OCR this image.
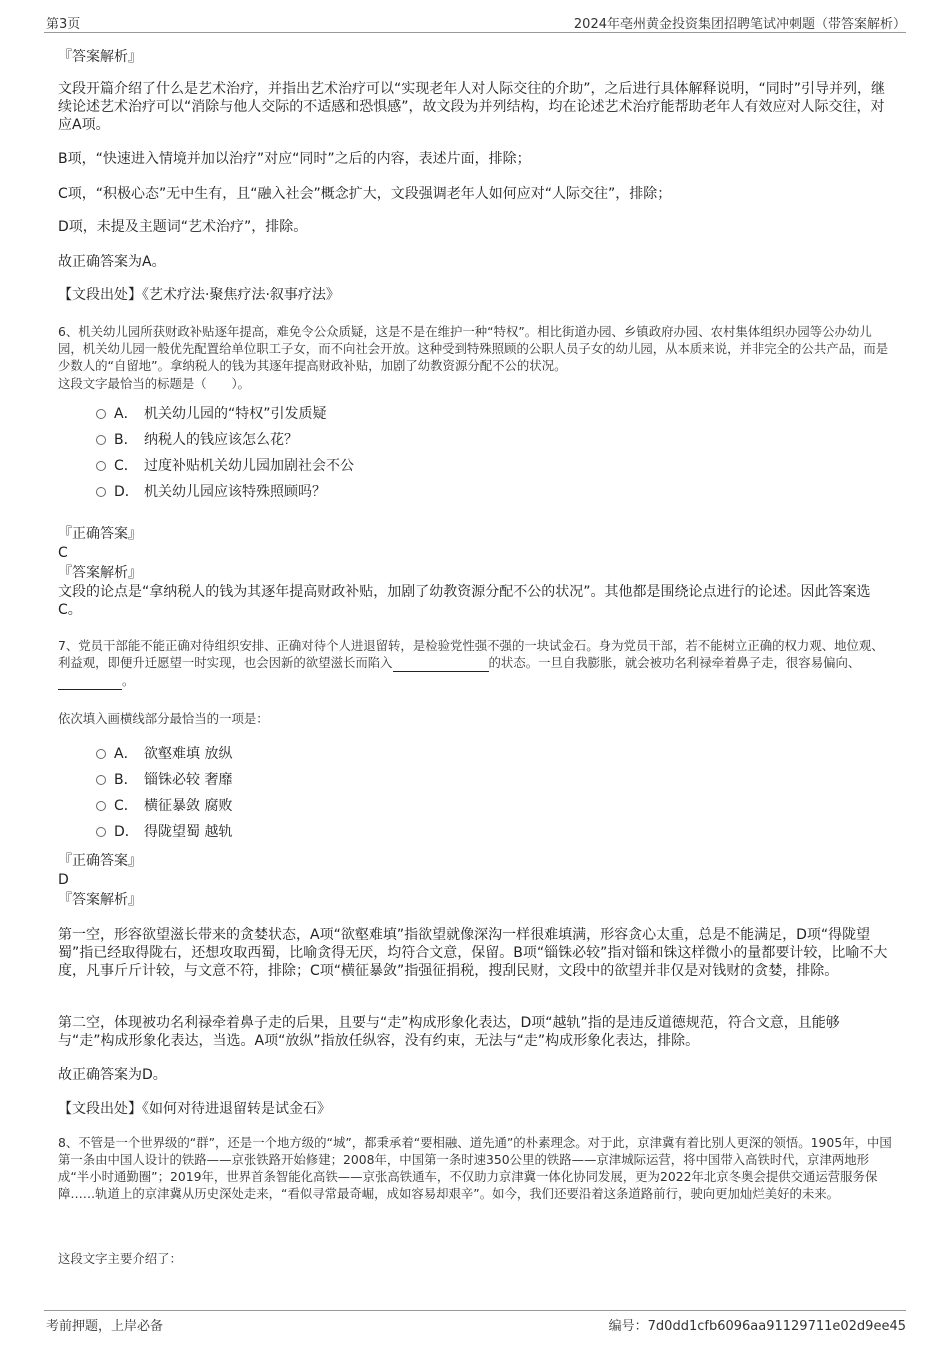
第3页	2024年亳州黄金投资集团招聘笔试冲刺题（带答案解析）
『答案解析』
文段开篇介绍了什么是艺术治疗，并指出艺术治疗可以“实现老年人对人际交往的介助”，之后进行具体解释说明，“同时”引导并列，继续论述艺术治疗可以“消除与他人交际的不适感和恐惧感”，故文段为并列结构，均在论述艺术治疗能帮助老年人有效应对人际交往，对应A项。
B项，“快速进入情境并加以治疗”对应“同时”之后的内容，表述片面，排除；
C项，“积极心态”无中生有，且“融入社会”概念扩大，文段强调老年人如何应对“人际交往”，排除；
D项，未提及主题词“艺术治疗”，排除。
故正确答案为A。
【文段出处】《艺术疗法·聚焦疗法·叙事疗法》
6、机关幼儿园所获财政补贴逐年提高，难免令公众质疑，这是不是在维护一种“特权”。相比街道办园、乡镇政府办园、农村集体组织办园等公办幼儿园，机关幼儿园一般优先配置给单位职工子女，而不向社会开放。这种受到特殊照顾的公职人员子女的幼儿园，从本质来说，并非完全的公共产品，而是少数人的“自留地”。拿纳税人的钱为其逐年提高财政补贴，加剧了幼教资源分配不公的状况。
这段文字最恰当的标题是（　　）。
A． 机关幼儿园的“特权”引发质疑
B． 纳税人的钱应该怎么花？
C． 过度补贴机关幼儿园加剧社会不公
D． 机关幼儿园应该特殊照顾吗？
『正确答案』
C
『答案解析』
文段的论点是“拿纳税人的钱为其逐年提高财政补贴，加剧了幼教资源分配不公的状况”。其他都是围绕论点进行的论述。因此答案选C。
7、党员干部能不能正确对待组织安排、正确对待个人进退留转，是检验党性强不强的一块试金石。身为党员干部，若不能树立正确的权力观、地位观、利益观，即便升迁愿望一时实现，也会因新的欲望滋长而陷入	的状态。一旦自我膨胀，就会被功名利禄牵着鼻子走，很容易偏向、 。
依次填入画横线部分最恰当的一项是：
A． 欲壑难填 放纵
B． 锱铢必较 奢靡
C． 横征暴敛 腐败
D． 得陇望蜀 越轨
『正确答案』
D
『答案解析』
第一空，形容欲望滋长带来的贪婪状态，A项“欲壑难填”指欲望就像深沟一样很难填满，形容贪心太重，总是不能满足，D项“得陇望蜀”指已经取得陇右，还想攻取西蜀，比喻贪得无厌，均符合文意，保留。B项“锱铢必较”指对锱和铢这样微小的量都要计较，比喻不大度，凡事斤斤计较，与文意不符，排除；C项“横征暴敛”指强征捐税，搜刮民财，文段中的欲望并非仅是对钱财的贪婪，排除。
第二空，体现被功名利禄牵着鼻子走的后果，且要与“走”构成形象化表达，D项“越轨”指的是违反道德规范，符合文意，且能够与“走”构成形象化表达，当选。A项“放纵”指放任纵容，没有约束，无法与“走”构成形象化表达，排除。
故正确答案为D。
【文段出处】《如何对待进退留转是试金石》
8、不管是一个世界级的“群”，还是一个地方级的“城”，都秉承着“要相融、道先通”的朴素理念。对于此，京津冀有着比别人更深的领悟。1905年，中国第一条由中国人设计的铁路——京张铁路开始修建；2008年，中国第一条时速350公里的铁路——京津城际运营，将中国带入高铁时代，京津两地形成“半小时通勤圈”；2019年，世界首条智能化高铁——京张高铁通车，不仅助力京津冀一体化协同发展，更为2022年北京冬奥会提供交通运营服务保障……轨道上的京津冀从历史深处走来，“看似寻常最奇崛，成如容易却艰辛”。如今，我们还要沿着这条道路前行，驶向更加灿烂美好的未来。
这段文字主要介绍了：
考前押题，上岸必备	编号：7d0dd1cfb6096aa91129711e02d9ee45
